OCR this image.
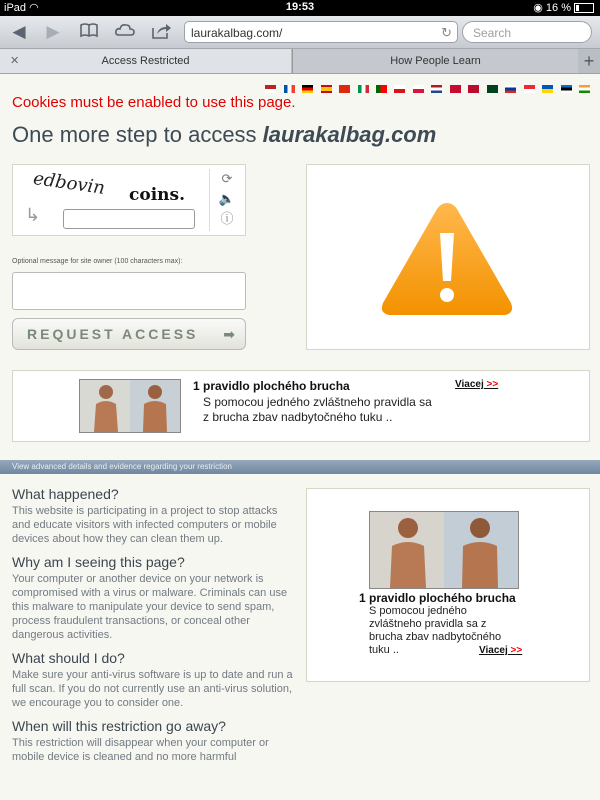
iPad ◠	19:53	◉ 16 %
◀ ▶	laurakalbag.com/	↻	Search
✕	Access Restricted	How People Learn	+

Cookies must be enabled to use this page.
One more step to access laurakalbag.com
edbovin coins.
↳
⟳
🔈
ⓘ
Optional message for site owner (100 characters max):
REQUEST ACCESS	➡
1 pravidlo plochého brucha
S pomocou jedného zvláštneho pravidla sa z brucha zbav nadbytočného tuku ..
Viacej >>
View advanced details and evidence regarding your restriction
What happened?

This website is participating in a project to stop attacks and educate visitors with infected computers or mobile devices about how they can clean them up.

Why am I seeing this page?

Your computer or another device on your network is compromised with a virus or malware. Criminals can use this malware to manipulate your device to send spam, process fraudulent transactions, or conceal other dangerous activities.

What should I do?

Make sure your anti-virus software is up to date and run a full scan. If you do not currently use an anti-virus solution, we encourage you to consider one.

When will this restriction go away?

This restriction will disappear when your computer or mobile device is cleaned and no more harmful

1 pravidlo plochého brucha
S pomocou jedného zvláštneho pravidla sa z brucha zbav nadbytočného tuku ..	Viacej >>
